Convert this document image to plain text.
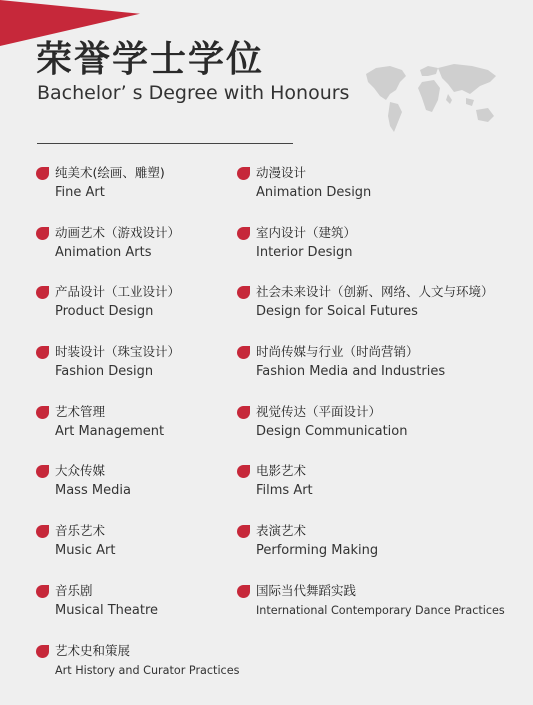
荣誉学士学位
Bachelor’ s Degree with Honours
纯美术(绘画、雕塑)
Fine Art
动漫设计
Animation Design
动画艺术（游戏设计）
Animation Arts
室内设计（建筑）
Interior Design
产品设计（工业设计）
Product Design
社会未来设计（创新、网络、人文与环境）
Design for Soical Futures
时装设计（珠宝设计）
Fashion Design
时尚传媒与行业（时尚营销）
Fashion Media and Industries
艺术管理
Art Management
视觉传达（平面设计）
Design Communication
大众传媒
Mass Media
电影艺术
Films Art
音乐艺术
Music Art
表演艺术
Performing Making
音乐剧
Musical Theatre
国际当代舞蹈实践
International Contemporary Dance Practices
艺术史和策展
Art History and Curator Practices
